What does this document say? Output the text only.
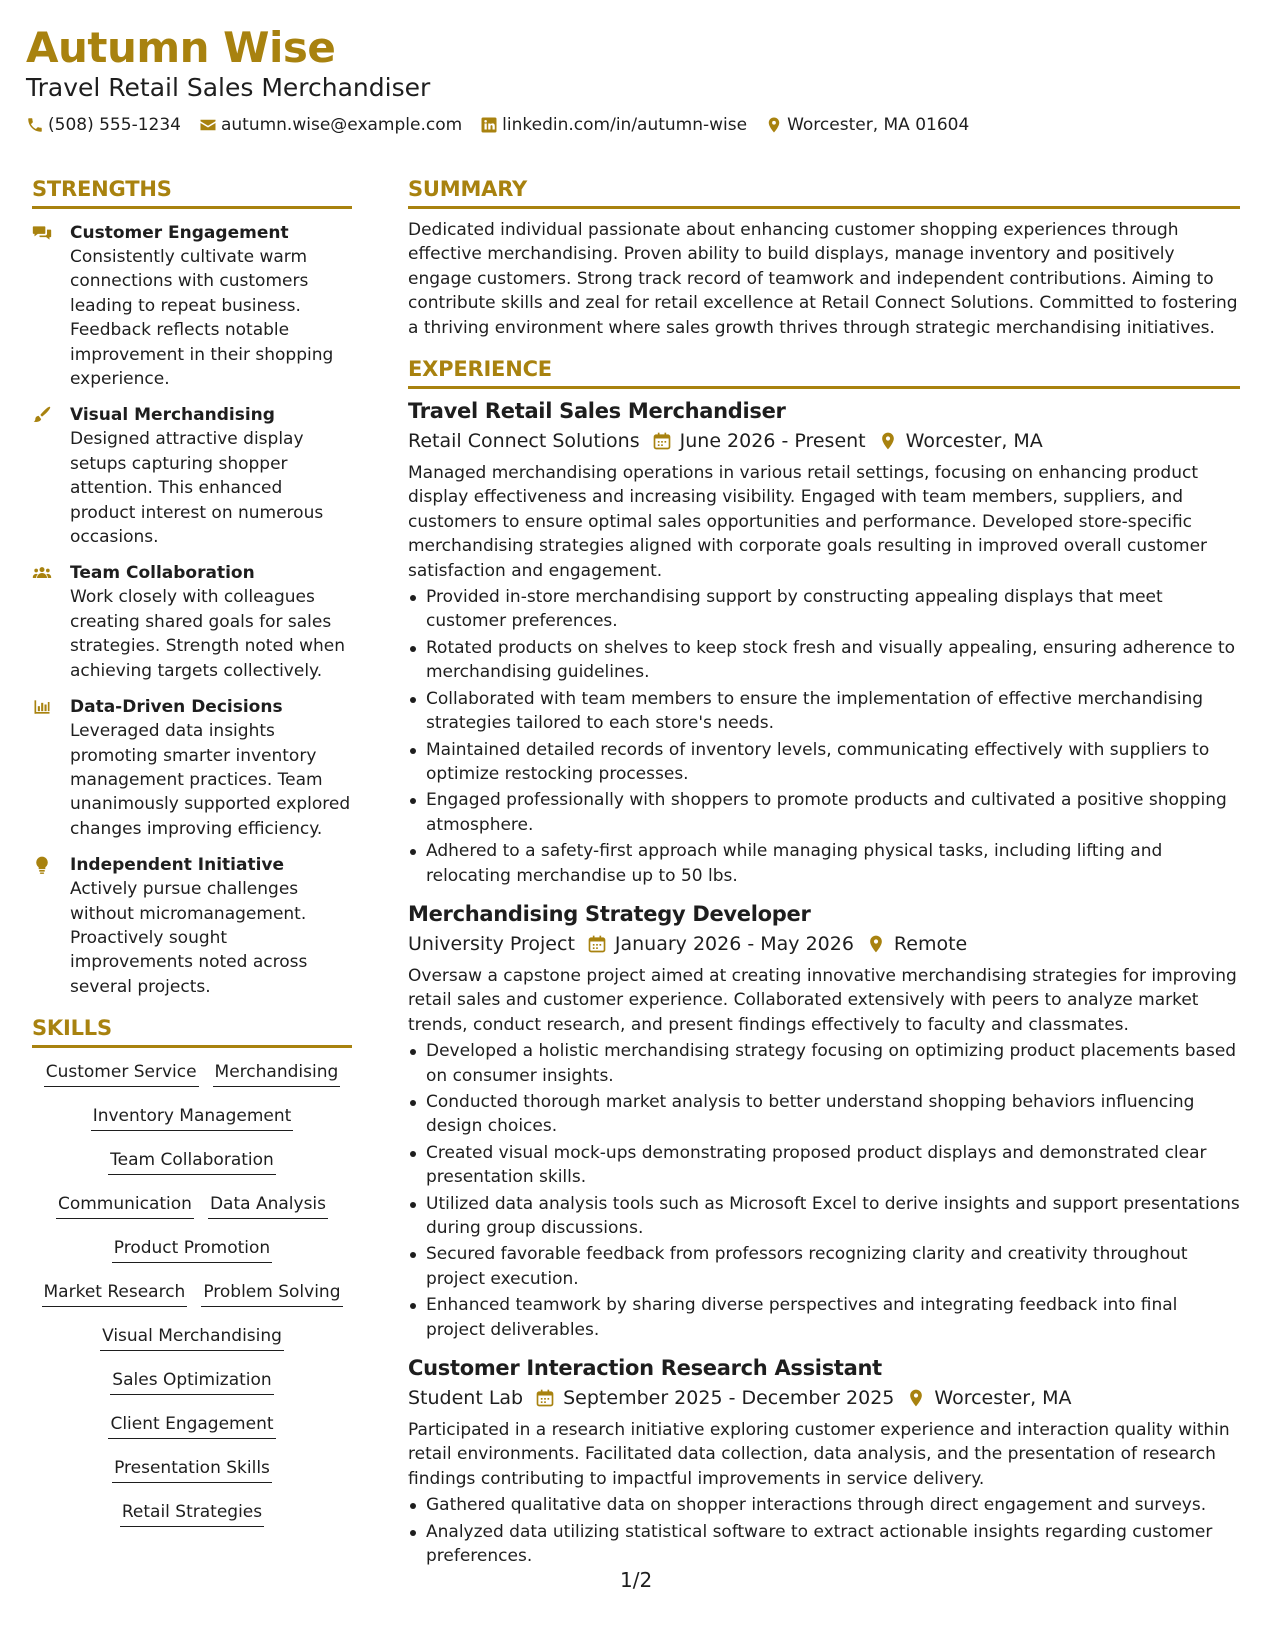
Autumn Wise
Travel Retail Sales Merchandiser
(508) 555-1234 autumn.wise@example.com linkedin.com/in/autumn-wise Worcester, MA 01604
STRENGTHS
Customer Engagement
Consistently cultivate warm connections with customers leading to repeat business. Feedback reflects notable improvement in their shopping experience.
Visual Merchandising
Designed attractive display setups capturing shopper attention. This enhanced product interest on numerous occasions.
Team Collaboration
Work closely with colleagues creating shared goals for sales strategies. Strength noted when achieving targets collectively.
Data-Driven Decisions
Leveraged data insights promoting smarter inventory management practices. Team unanimously supported explored changes improving efficiency.
Independent Initiative
Actively pursue challenges without micromanagement. Proactively sought improvements noted across several projects.
SKILLS
Customer Service Merchandising
Inventory Management
Team Collaboration
Communication Data Analysis
Product Promotion
Market Research Problem Solving
Visual Merchandising
Sales Optimization
Client Engagement
Presentation Skills
Retail Strategies
SUMMARY
Dedicated individual passionate about enhancing customer shopping experiences through effective merchandising. Proven ability to build displays, manage inventory and positively engage customers. Strong track record of teamwork and independent contributions. Aiming to contribute skills and zeal for retail excellence at Retail Connect Solutions. Committed to fostering a thriving environment where sales growth thrives through strategic merchandising initiatives.
EXPERIENCE
Travel Retail Sales Merchandiser
Retail Connect Solutions June 2026 - Present Worcester, MA
Managed merchandising operations in various retail settings, focusing on enhancing product display effectiveness and increasing visibility. Engaged with team members, suppliers, and customers to ensure optimal sales opportunities and performance. Developed store-specific merchandising strategies aligned with corporate goals resulting in improved overall customer satisfaction and engagement.
Provided in-store merchandising support by constructing appealing displays that meet customer preferences.
Rotated products on shelves to keep stock fresh and visually appealing, ensuring adherence to merchandising guidelines.
Collaborated with team members to ensure the implementation of effective merchandising strategies tailored to each store's needs.
Maintained detailed records of inventory levels, communicating effectively with suppliers to optimize restocking processes.
Engaged professionally with shoppers to promote products and cultivated a positive shopping atmosphere.
Adhered to a safety-first approach while managing physical tasks, including lifting and relocating merchandise up to 50 lbs.
Merchandising Strategy Developer
University Project January 2026 - May 2026 Remote
Oversaw a capstone project aimed at creating innovative merchandising strategies for improving retail sales and customer experience. Collaborated extensively with peers to analyze market trends, conduct research, and present findings effectively to faculty and classmates.
Developed a holistic merchandising strategy focusing on optimizing product placements based on consumer insights.
Conducted thorough market analysis to better understand shopping behaviors influencing design choices.
Created visual mock-ups demonstrating proposed product displays and demonstrated clear presentation skills.
Utilized data analysis tools such as Microsoft Excel to derive insights and support presentations during group discussions.
Secured favorable feedback from professors recognizing clarity and creativity throughout project execution.
Enhanced teamwork by sharing diverse perspectives and integrating feedback into final project deliverables.
Customer Interaction Research Assistant
Student Lab September 2025 - December 2025 Worcester, MA
Participated in a research initiative exploring customer experience and interaction quality within retail environments. Facilitated data collection, data analysis, and the presentation of research findings contributing to impactful improvements in service delivery.
Gathered qualitative data on shopper interactions through direct engagement and surveys.
Analyzed data utilizing statistical software to extract actionable insights regarding customer preferences.
1/2
